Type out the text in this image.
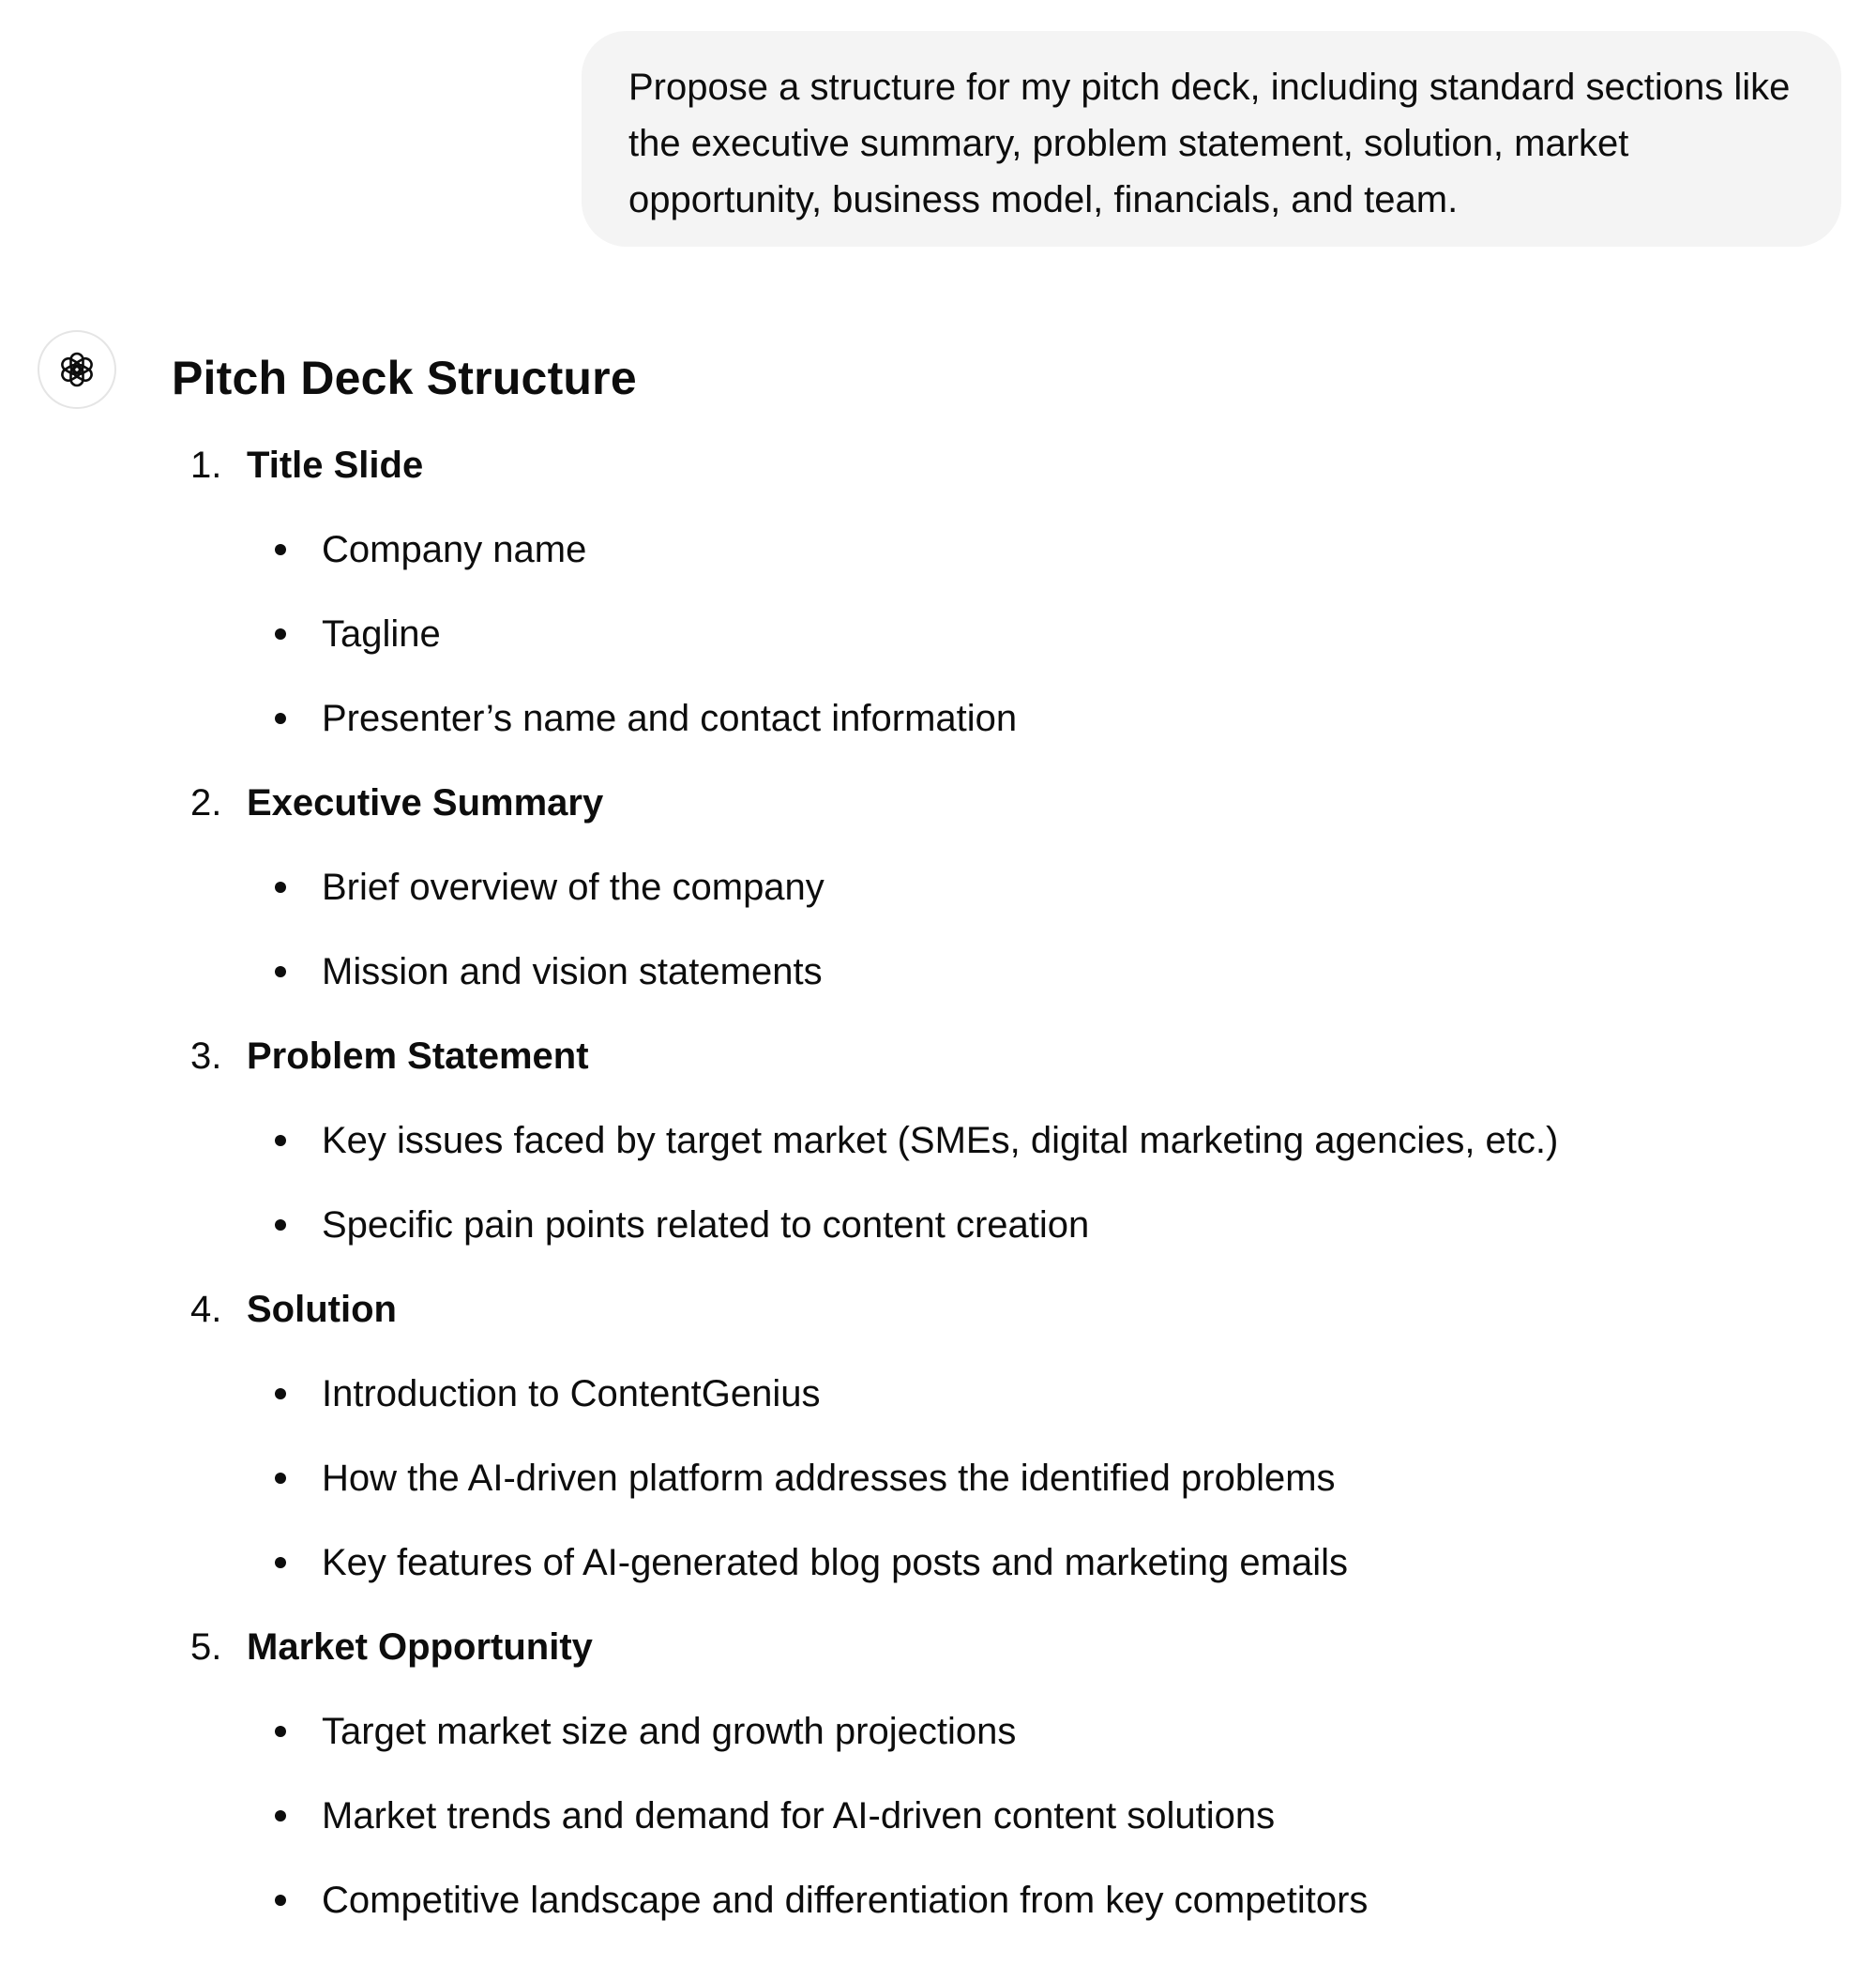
Propose a structure for my pitch deck, including standard sections like the executive summary, problem statement, solution, market opportunity, business model, financials, and team.
Pitch Deck Structure
1. Title Slide
Company name
Tagline
Presenter’s name and contact information
2. Executive Summary
Brief overview of the company
Mission and vision statements
3. Problem Statement
Key issues faced by target market (SMEs, digital marketing agencies, etc.)
Specific pain points related to content creation
4. Solution
Introduction to ContentGenius
How the AI-driven platform addresses the identified problems
Key features of AI-generated blog posts and marketing emails
5. Market Opportunity
Target market size and growth projections
Market trends and demand for AI-driven content solutions
Competitive landscape and differentiation from key competitors
